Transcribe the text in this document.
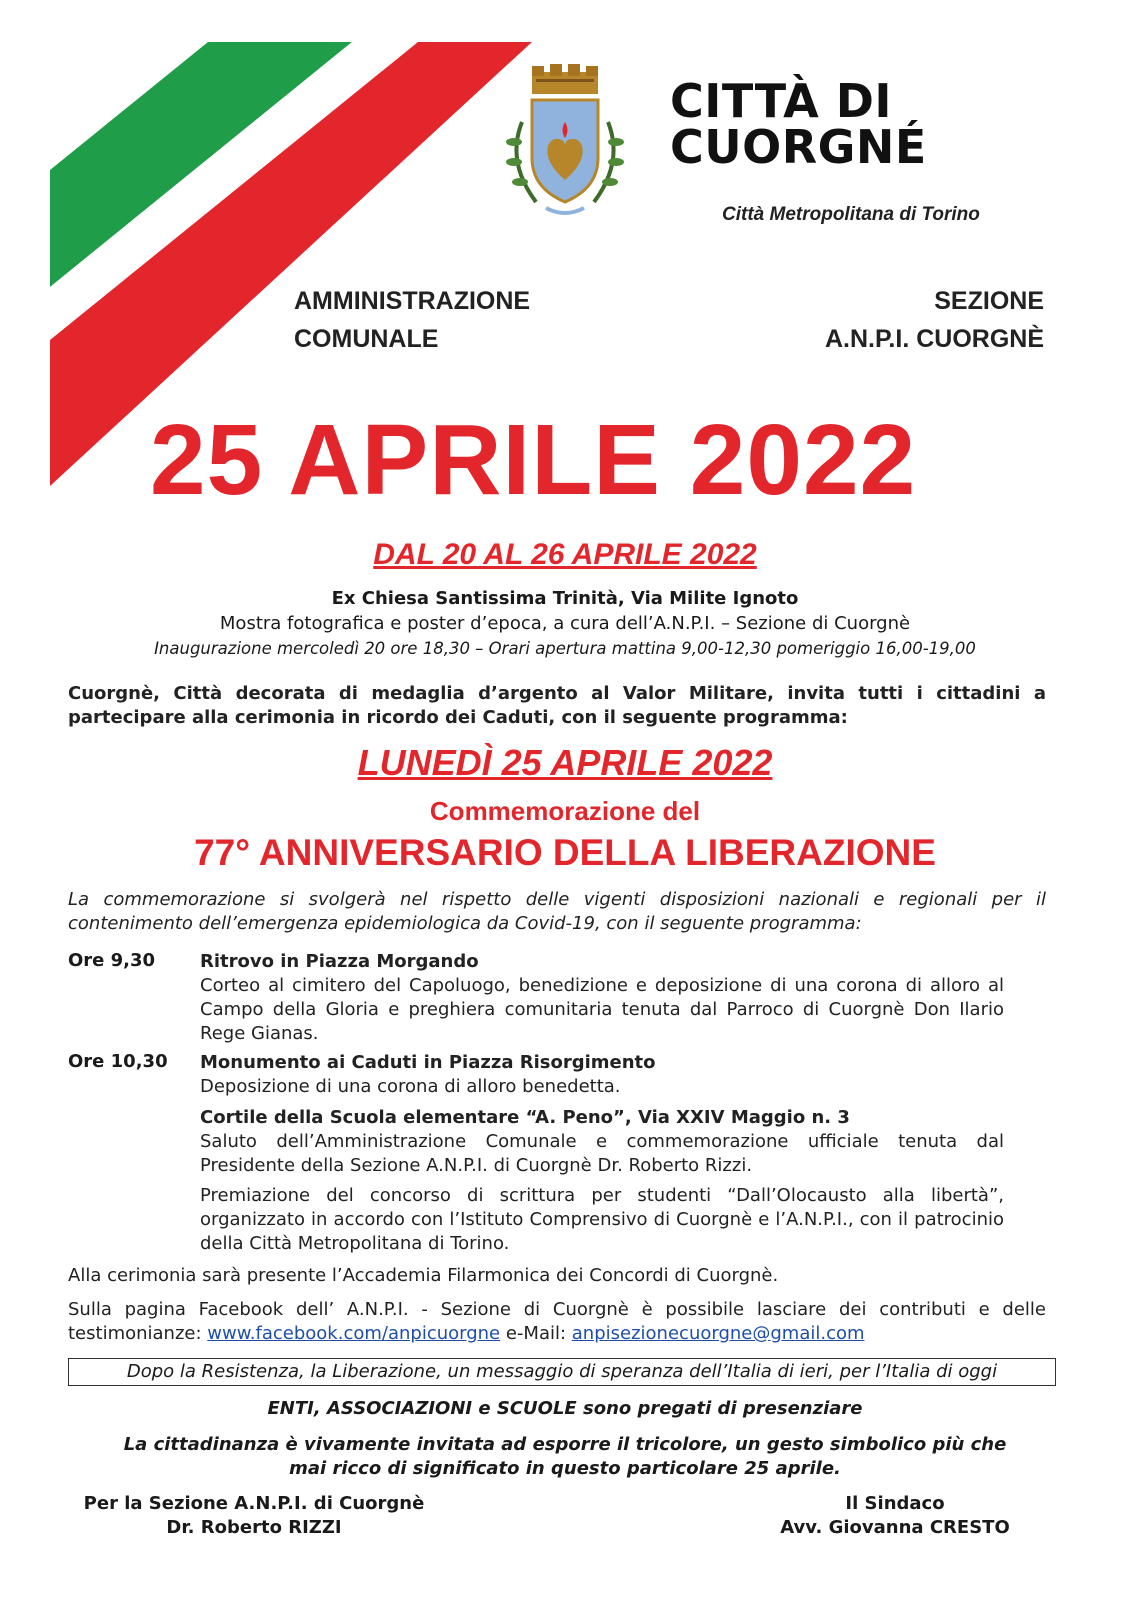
CITTÀ DI
CUORGNÉ
Città Metropolitana di Torino
AMMINISTRAZIONE
COMUNALE
SEZIONE
A.N.P.I. CUORGNÈ
25 APRILE 2022
DAL 20 AL 26 APRILE 2022
Ex Chiesa Santissima Trinità, Via Milite Ignoto
Mostra fotografica e poster d’epoca, a cura dell’A.N.P.I. – Sezione di Cuorgnè
Inaugurazione mercoledì 20 ore 18,30 – Orari apertura mattina 9,00-12,30 pomeriggio 16,00-19,00
Cuorgnè, Città decorata di medaglia d’argento al Valor Militare, invita tutti i cittadini a partecipare alla cerimonia in ricordo dei Caduti, con il seguente programma:
LUNEDÌ 25 APRILE 2022
Commemorazione del
77° ANNIVERSARIO DELLA LIBERAZIONE
La commemorazione si svolgerà nel rispetto delle vigenti disposizioni nazionali e regionali per il contenimento dell’emergenza epidemiologica da Covid-19, con il seguente programma:
Ore 9,30 Ritrovo in Piazza Morgando
Corteo al cimitero del Capoluogo, benedizione e deposizione di una corona di alloro al Campo della Gloria e preghiera comunitaria tenuta dal Parroco di Cuorgnè Don Ilario Rege Gianas.
Ore 10,30 Monumento ai Caduti in Piazza Risorgimento
Deposizione di una corona di alloro benedetta.
Cortile della Scuola elementare “A. Peno”, Via XXIV Maggio n. 3
Saluto dell’Amministrazione Comunale e commemorazione ufficiale tenuta dal Presidente della Sezione A.N.P.I. di Cuorgnè Dr. Roberto Rizzi.
Premiazione del concorso di scrittura per studenti “Dall’Olocausto alla libertà”, organizzato in accordo con l’Istituto Comprensivo di Cuorgnè e l’A.N.P.I., con il patrocinio della Città Metropolitana di Torino.
Alla cerimonia sarà presente l’Accademia Filarmonica dei Concordi di Cuorgnè.
Sulla pagina Facebook dell’ A.N.P.I. - Sezione di Cuorgnè è possibile lasciare dei contributi e delle testimonianze: www.facebook.com/anpicuorgne e-Mail: anpisezionecuorgne@gmail.com
Dopo la Resistenza, la Liberazione, un messaggio di speranza dell’Italia di ieri, per l’Italia di oggi
ENTI, ASSOCIAZIONI e SCUOLE sono pregati di presenziare
La cittadinanza è vivamente invitata ad esporre il tricolore, un gesto simbolico più che
mai ricco di significato in questo particolare 25 aprile.
Per la Sezione A.N.P.I. di Cuorgnè
Dr. Roberto RIZZI
Il Sindaco
Avv. Giovanna CRESTO
